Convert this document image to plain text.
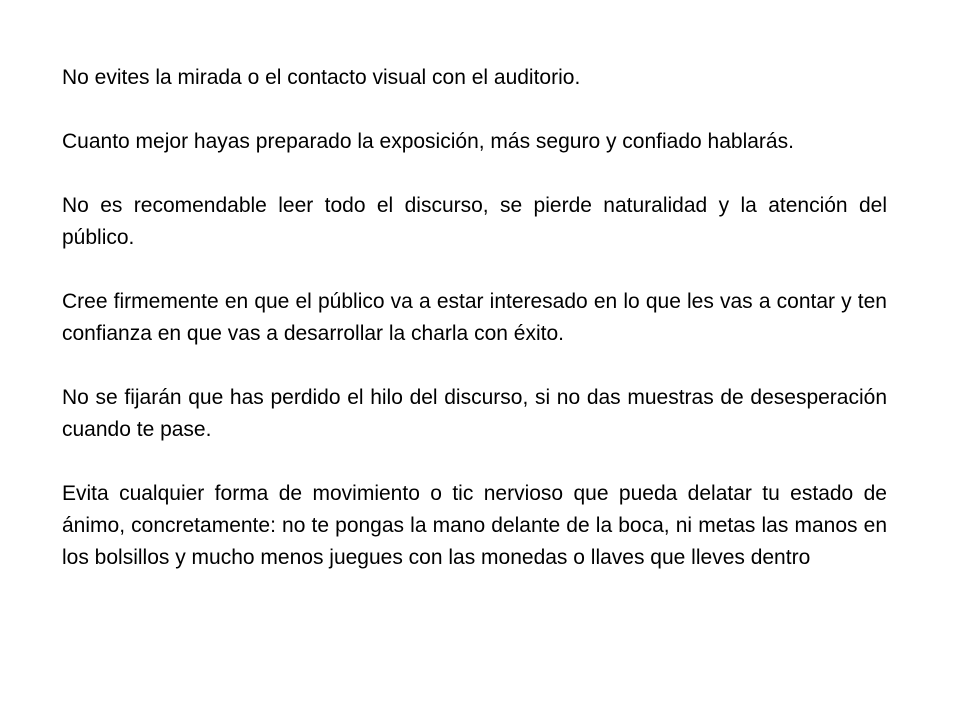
No evites la mirada o el contacto visual con el auditorio.

Cuanto mejor hayas preparado la exposición, más seguro y confiado hablarás.

No es recomendable leer todo el discurso, se pierde naturalidad y la atención del público.

Cree firmemente en que el público va a estar interesado en lo que les vas a contar y ten confianza en que vas a desarrollar la charla con éxito.

No se fijarán que has perdido el hilo del discurso, si no das muestras de desesperación cuando te pase.

Evita cualquier forma de movimiento o tic nervioso que pueda delatar tu estado de ánimo, concretamente: no te pongas la mano delante de la boca, ni metas las manos en los bolsillos y mucho menos juegues con las monedas o llaves que lleves dentro
